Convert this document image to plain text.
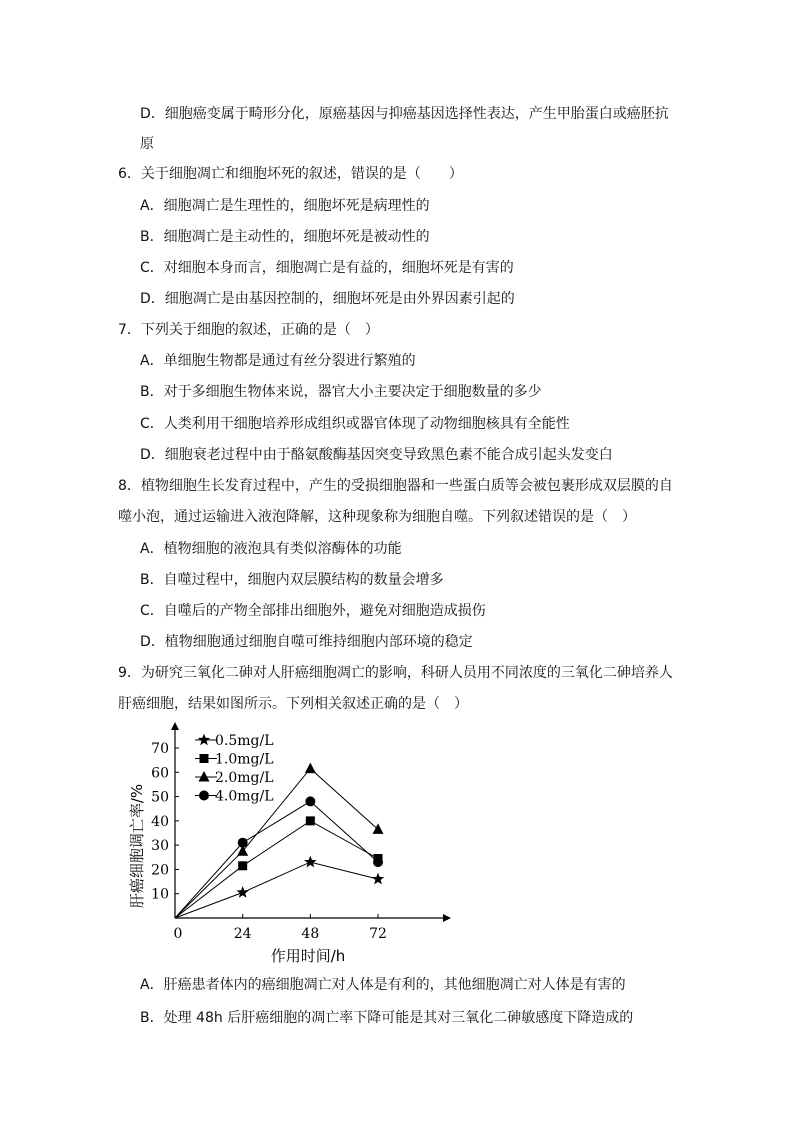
D．细胞癌变属于畸形分化，原癌基因与抑癌基因选择性表达，产生甲胎蛋白或癌胚抗
原
6．关于细胞凋亡和细胞坏死的叙述，错误的是（　　）
A．细胞凋亡是生理性的，细胞坏死是病理性的
B．细胞凋亡是主动性的，细胞坏死是被动性的
C．对细胞本身而言，细胞凋亡是有益的，细胞坏死是有害的
D．细胞凋亡是由基因控制的，细胞坏死是由外界因素引起的
7．下列关于细胞的叙述，正确的是（　）
A．单细胞生物都是通过有丝分裂进行繁殖的
B．对于多细胞生物体来说，器官大小主要决定于细胞数量的多少
C．人类利用干细胞培养形成组织或器官体现了动物细胞核具有全能性
D．细胞衰老过程中由于酪氨酸酶基因突变导致黑色素不能合成引起头发变白
8．植物细胞生长发育过程中，产生的受损细胞器和一些蛋白质等会被包裹形成双层膜的自
噬小泡，通过运输进入液泡降解，这种现象称为细胞自噬。下列叙述错误的是（　）
A．植物细胞的液泡具有类似溶酶体的功能
B．自噬过程中，细胞内双层膜结构的数量会增多
C．自噬后的产物全部排出细胞外，避免对细胞造成损伤
D．植物细胞通过细胞自噬可维持细胞内部环境的稳定
9．为研究三氧化二砷对人肝癌细胞凋亡的影响，科研人员用不同浓度的三氧化二砷培养人
肝癌细胞，结果如图所示。下列相关叙述正确的是（　）
A．肝癌患者体内的癌细胞凋亡对人体是有利的，其他细胞凋亡对人体是有害的
B．处理 48h 后肝癌细胞的凋亡率下降可能是其对三氧化二砷敏感度下降造成的
10
20
30
40
50
60
70
0	24	48	72
0.5mg/L
1.0mg/L
2.0mg/L
4.0mg/L
作用时间/h
肝癌细胞调亡率/%
